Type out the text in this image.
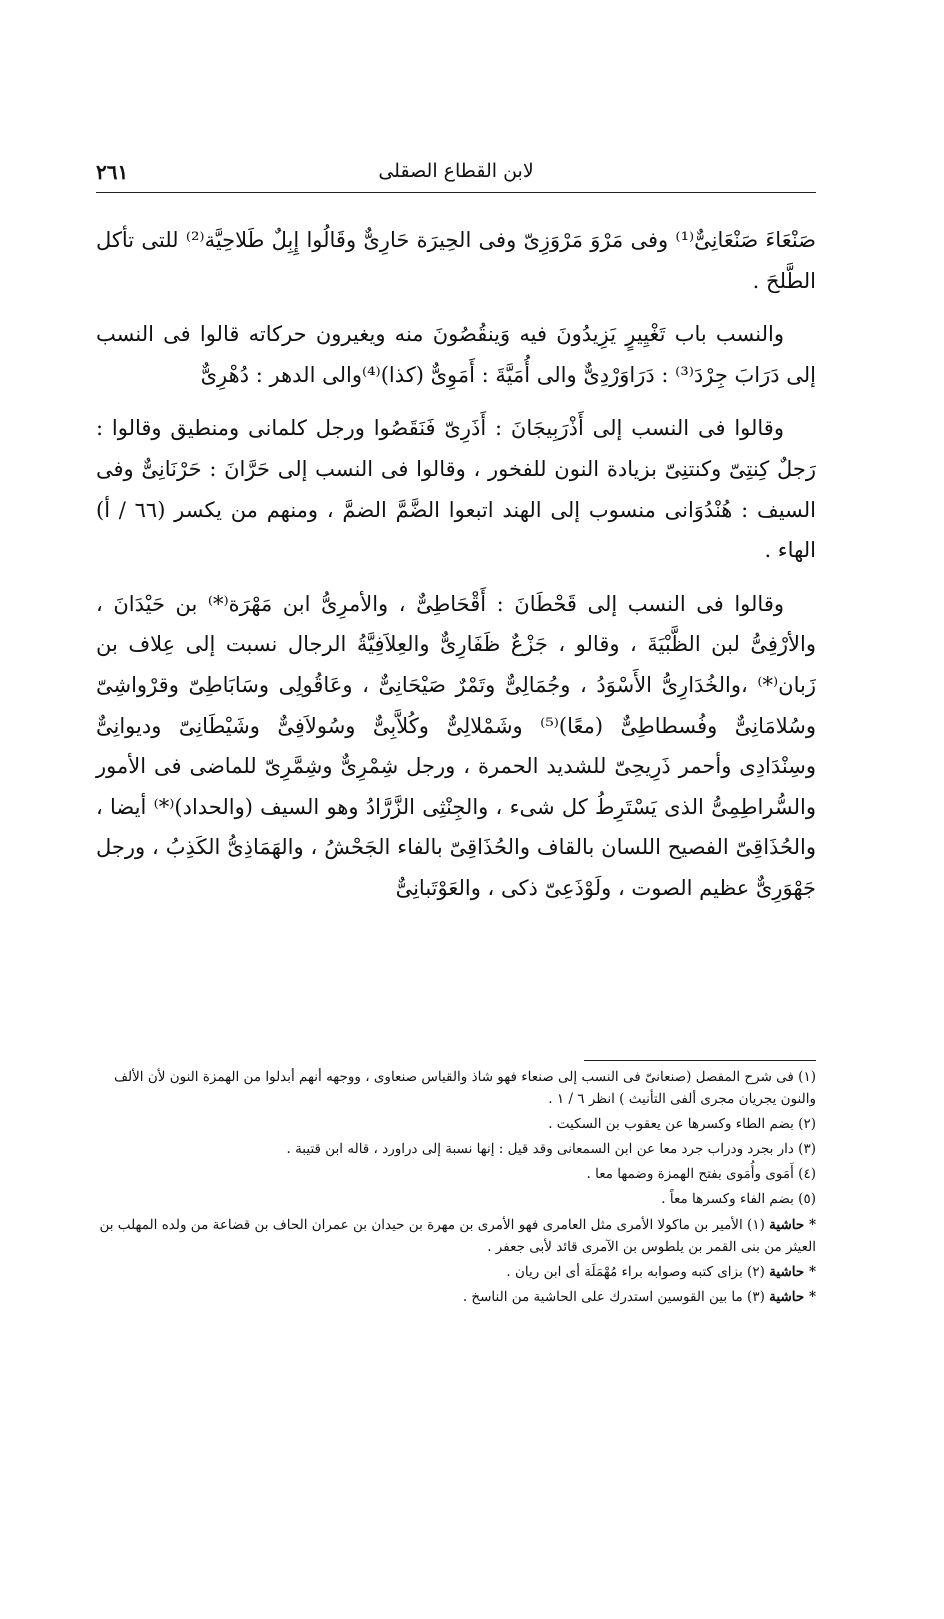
لابن القطاع الصقلى
٢٦١

صَنْعَاءَ صَنْعَانِىٌّ⁽¹⁾ وفى مَرْوَ مَرْوَزِىّ وفى الحِيرَة حَارِىٌّ وقَالُوا إِبِلٌ طَلاحِيَّة⁽²⁾ للتى تأكل الطَّلحَ .

والنسب باب تَغْيِيرٍ يَزِيدُونَ فيه وَينقُصُونَ منه ويغيرون حركاته قالوا فى النسب إلى دَرَابَ جِرْدَ⁽³⁾ : دَرَاوَرْدِىٌّ والى أُمَيَّةَ : أَمَوِىٌّ (كذا)⁽⁴⁾والى الدهر : دُهْرِىٌّ

وقالوا فى النسب إلى أَذْرَبِيجَانَ : أَذَرِىّ فَنَقَصُوا ورجل كلمانى ومنطيق وقالوا : رَجلٌ كِنتِىّ وكنتنِىّ بزيادة النون للفخور ، وقالوا فى النسب إلى حَرَّانَ : حَرْنَانِىٌّ وفى السيف : هُنْدُوَانى منسوب إلى الهند اتبعوا الضَّمَّ الضمَّ ، ومنهم من يكسر (٦٦ / أ) الهاء .

وقالوا فى النسب إلى قَحْطَانَ : أَقْحَاطِىٌّ ، والأمرِىُّ ابن مَهْرَة⁽*⁾ بن حَيْدَانَ ، والأرْفِىُّ لبن الظَّبْيَةَ ، وقالو ، جَزْعٌ ظَفَارِىٌّ والعِلاَفِيَّةُ الرجال نسبت إلى عِلاف بن زَبان⁽*⁾ ،والخُدَارِىُّ الأَسْوَدُ ، وجُمَالِىٌّ وتَمْرٌ صَيْحَانِىٌّ ، وعَاقُولِى وسَابَاطِىّ وقرْواشِىّ وسُلامَانِىٌّ وفُسطاطِىٌّ (معًا)⁽⁵⁾ وشَمْلالِىٌّ وكُلاَّبِىٌّ وسُولاَفِىٌّ وشَيْطَانِىّ وديوانِىٌّ وسِنْدَادِى وأحمر ذَرِيحِىّ للشديد الحمرة ، ورجل شِمْرِىٌّ وشِمَّرِىّ للماضى فى الأمور والسُّراطِمِىُّ الذى يَسْتَرِطُ كل شىء ، والجِنْثِى الزَّرَّادُ وهو السيف (والحداد)⁽*⁾ أيضا ، والحُذَاقِىّ الفصيح اللسان بالقاف والحُذَاقِىّ بالفاء الجَحْشُ ، والهَمَاذِىُّ الكَذِبُ ، ورجل جَهْوَرِىٌّ عظيم الصوت ، ولَوْذَعِىّ ذكى ، والعَوْتَبانِىٌّ

(١) فى شرح المفصل (صنعانىّ فى النسب إلى صنعاء فهو شاذ والقياس صنعاوى ، ووجهه أنهم أبدلوا من الهمزة النون لأن الألف والنون يجريان مجرى ألفى التأنيث ) انظر ٦ / ١ .
(٢) بضم الطاء وكسرها عن يعقوب بن السكيت .
(٣) دار بجرد ودراب جرد معا عن ابن السمعانى وقد قيل : إنها نسبة إلى دراورد ، قاله ابن قتيبة .
(٤) أَمَوى وأُمَوى بفتح الهمزة وضمها معا .
(٥) بضم الفاء وكسرها معاً .
* حاشية (١) الأمير بن ماكولا الأمرى مثل العامرى فهو الأمرى بن مهرة بن حيدان بن عمران الحاف بن قضاعة من ولده المهلب بن العيثر من بنى القمر بن يلطوس بن الآمرى قائد لأبى جعفر .
* حاشية (٢) بزاى كتبه وصوابه براء مُهْمَلَة أى ابن ريان .
* حاشية (٣) ما بين القوسين استدرك على الحاشية من الناسخ .
